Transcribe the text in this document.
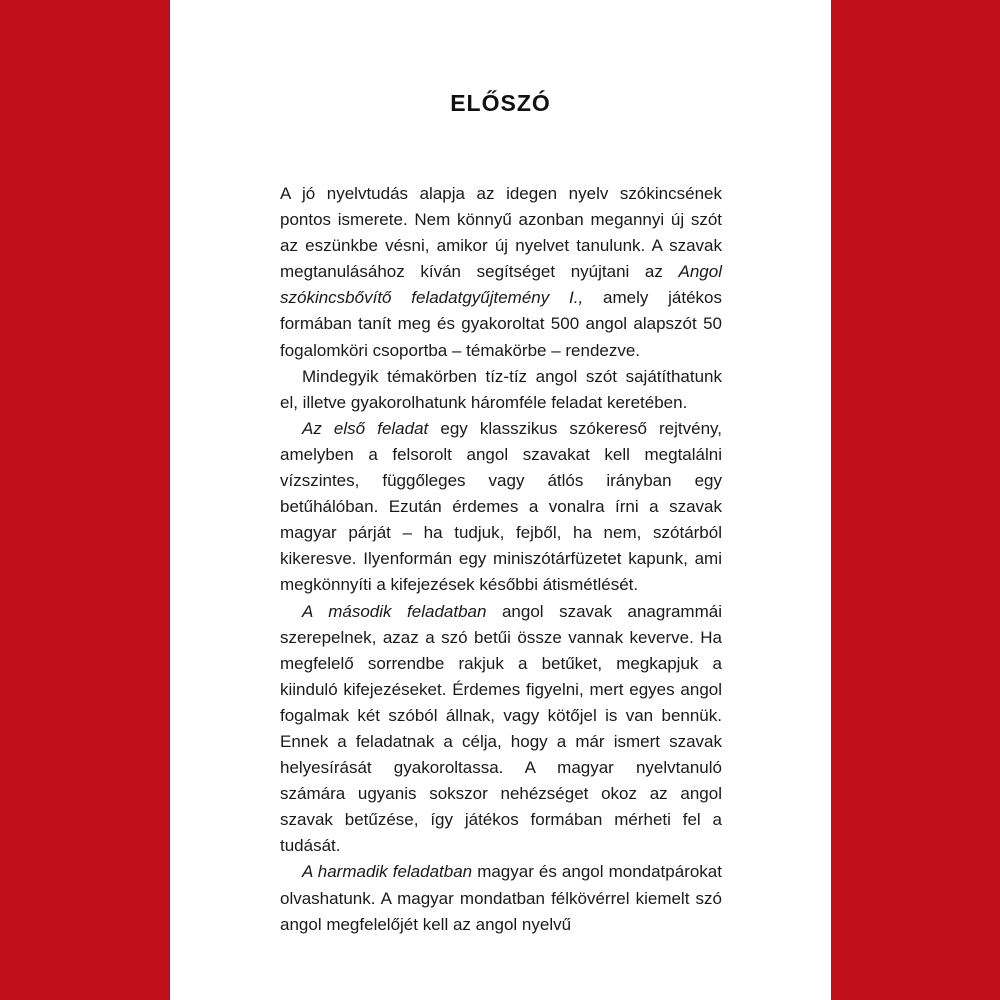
ELŐSZÓ

A jó nyelvtudás alapja az idegen nyelv szókincsének pontos ismerete. Nem könnyű azonban megannyi új szót az eszünkbe vésni, amikor új nyelvet tanulunk. A szavak megtanulásához kíván segítséget nyújtani az Angol szókincsbővítő feladatgyűjtemény I., amely játékos formában tanít meg és gyakoroltat 500 angol alapszót 50 fogalomköri csoportba – témakörbe – rendezve.

Mindegyik témakörben tíz-tíz angol szót sajátíthatunk el, illetve gyakorolhatunk háromféle feladat keretében.

Az első feladat egy klasszikus szókereső rejtvény, amelyben a felsorolt angol szavakat kell megtalálni vízszintes, függőleges vagy átlós irányban egy betűhálóban. Ezután érdemes a vonalra írni a szavak magyar párját – ha tudjuk, fejből, ha nem, szótárból kikeresve. Ilyenformán egy miniszótárfüzetet kapunk, ami megkönnyíti a kifejezések későbbi átismétlését.

A második feladatban angol szavak anagrammái szerepelnek, azaz a szó betűi össze vannak keverve. Ha megfelelő sorrendbe rakjuk a betűket, megkapjuk a kiinduló kifejezéseket. Érdemes figyelni, mert egyes angol fogalmak két szóból állnak, vagy kötőjel is van bennük. Ennek a feladatnak a célja, hogy a már ismert szavak helyesírását gyakoroltassa. A magyar nyelvtanuló számára ugyanis sokszor nehézséget okoz az angol szavak betűzése, így játékos formában mérheti fel a tudását.

A harmadik feladatban magyar és angol mondatpárokat olvashatunk. A magyar mondatban félkövérrel kiemelt szó angol megfelelőjét kell az angol nyelvű
